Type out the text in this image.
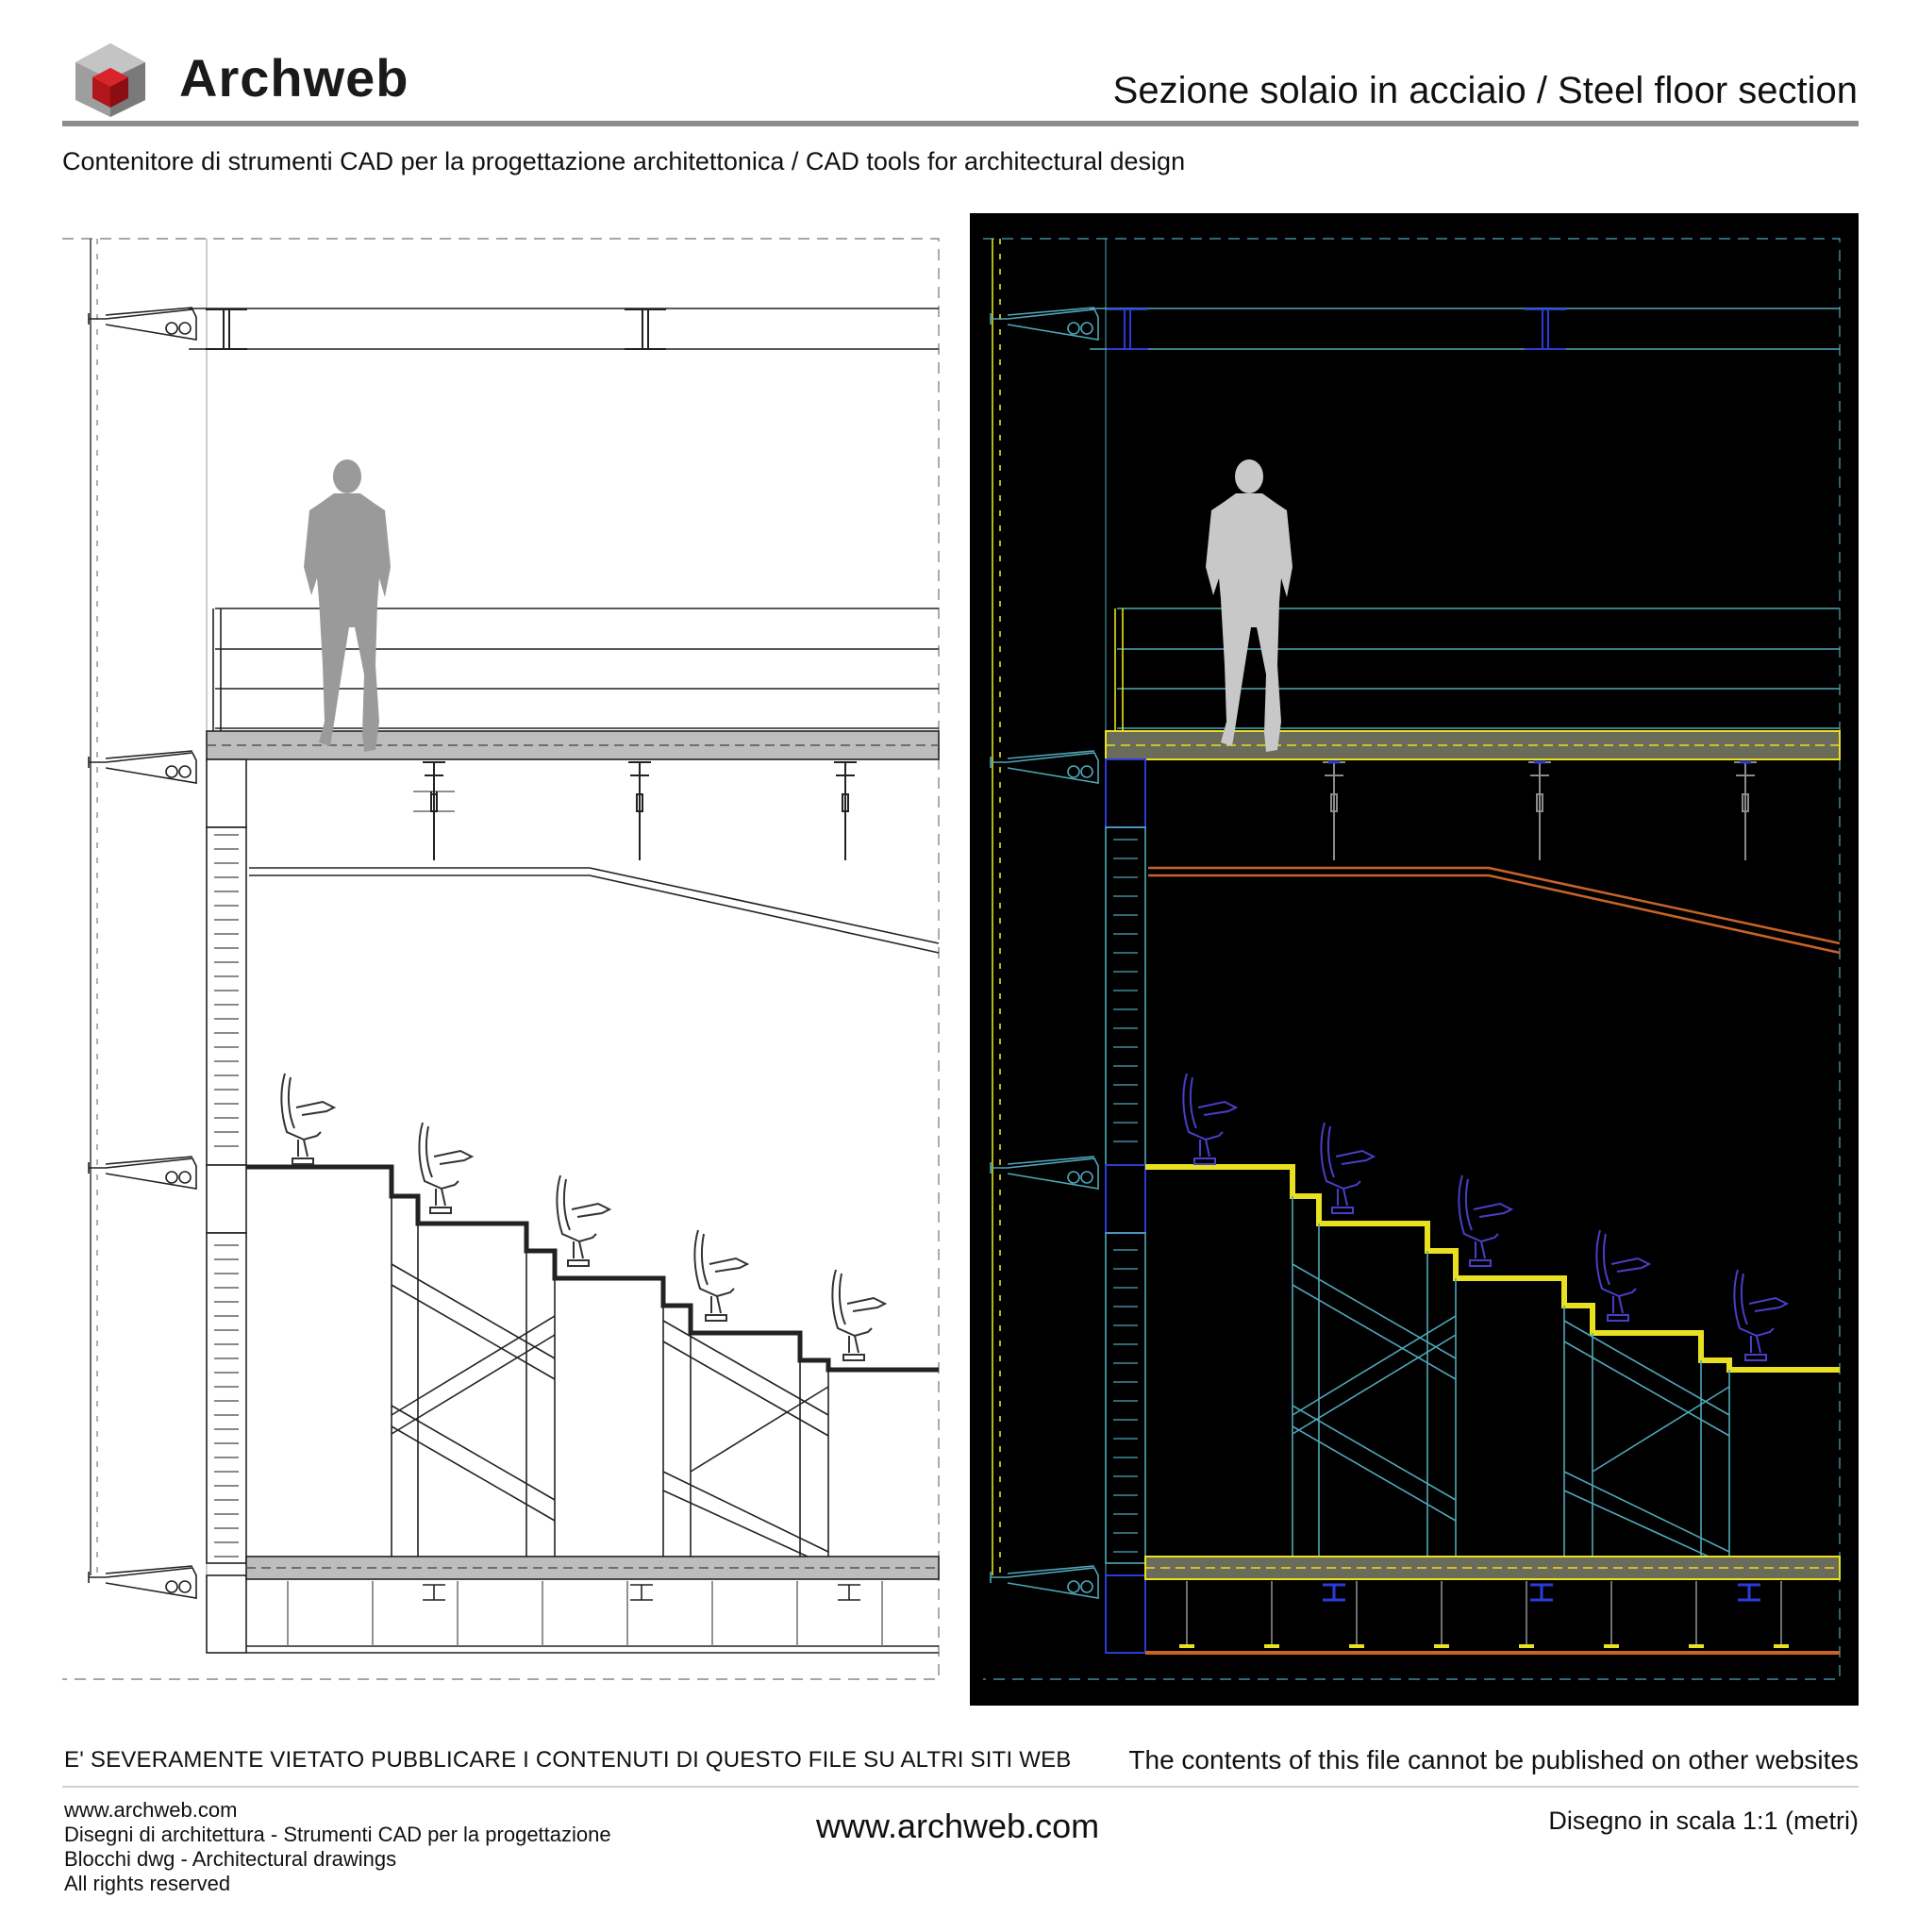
Archweb	Sezione solaio in acciaio / Steel floor section
Contenitore di strumenti CAD per la progettazione architettonica / CAD tools for architectural design
E' SEVERAMENTE VIETATO PUBBLICARE I CONTENUTI DI QUESTO FILE SU ALTRI SITI WEB The contents of this file cannot be published on other websites
www.archweb.com
Disegni di architettura - Strumenti CAD per la progettazione
Blocchi dwg - Architectural drawings
All rights reserved
www.archweb.com	Disegno in scala 1:1 (metri)
